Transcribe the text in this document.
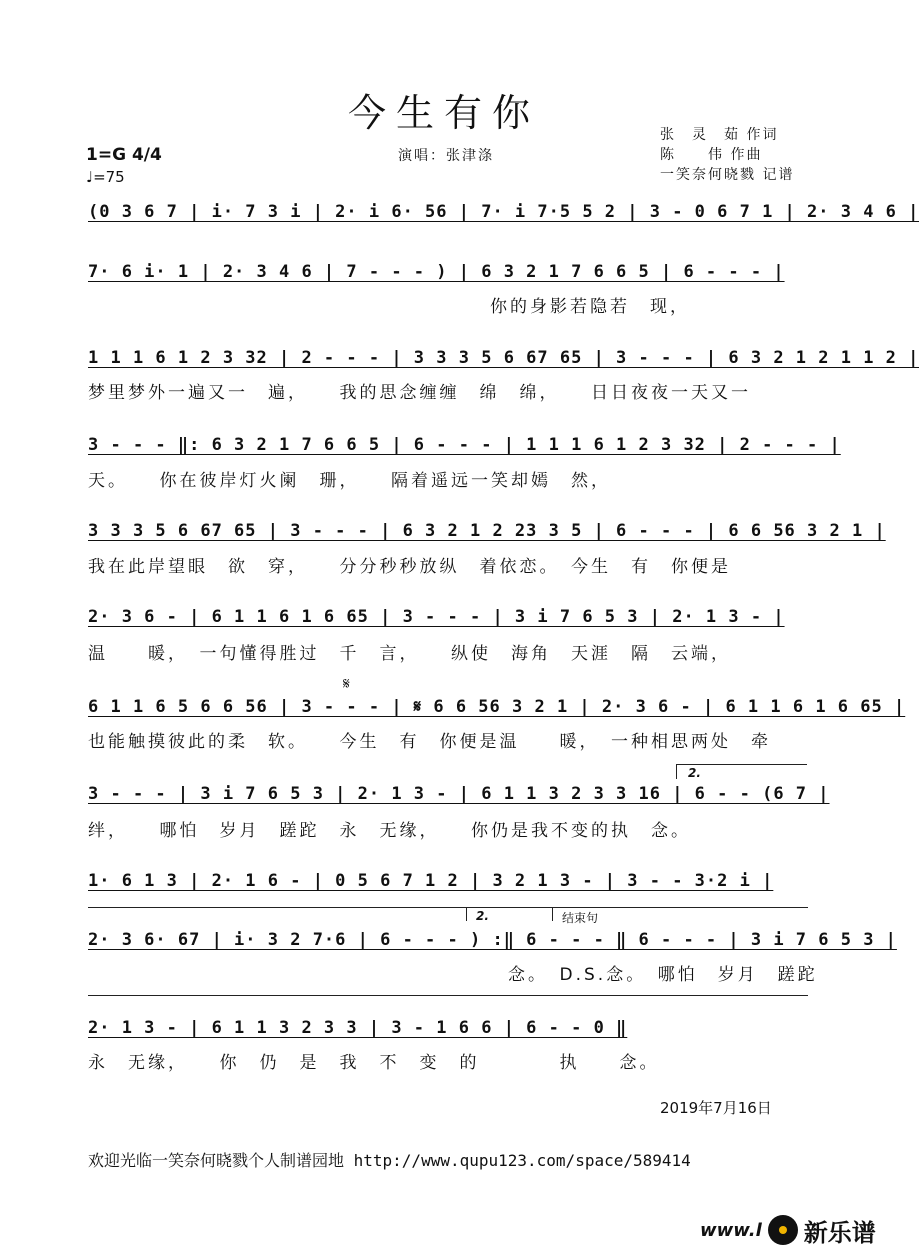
今生有你
1=G 4/4
♩=75
演唱：张津涤
张　灵　茹 作词
陈　　伟 作曲
一笑奈何晓戮 记谱
(0 3 6 7 | i· 7 3 i | 2· i 6· 56 | 7· i 7·5 5 2 | 3 - 0 6 7 1 | 2· 3 4 6 |
7· 6 i· 1 | 2· 3 4 6 | 7 - - - ) | 6 3 2 1 7 6 6 5 | 6 - - - |
你的身影若隐若　现，
1 1 1 6 1 2 3 32 | 2 - - - | 3 3 3 5 6 67 65 | 3 - - - | 6 3 2 1 2 1 1 2 |
梦里梦外一遍又一　遍，　　我的思念缠缠　绵　绵，　　日日夜夜一天又一
3 - - - ‖: 6 3 2 1 7 6 6 5 | 6 - - - | 1 1 1 6 1 2 3 32 | 2 - - - |
天。　　你在彼岸灯火阑　珊，　　隔着遥远一笑却嫣　然，
3 3 3 5 6 67 65 | 3 - - - | 6 3 2 1 2 23 3 5 | 6 - - - | 6 6 56 3 2 1 |
我在此岸望眼　欲　穿，　　分分秒秒放纵　着依恋。　今生　有　你便是
2· 3 6 - | 6 1 1 6 1 6 65 | 3 - - - | 3 i 7 6 5 3 | 2· 1 3 - |
温　　暖，　一句懂得胜过　千　言，　　纵使　海角　天涯　隔　云端，
𝄋
6 1 1 6 5 6 6 56 | 3 - - - | 𝄋 6 6 56 3 2 1 | 2· 3 6 - | 6 1 1 6 1 6 65 |
也能触摸彼此的柔　软。　　今生　有　你便是温　　暖，　一种相思两处　牵
2.
3 - - - | 3 i 7 6 5 3 | 2· 1 3 - | 6 1 1 3 2 3 3 16 | 6 - - (6 7 |
绊，　　哪怕　岁月　蹉跎　永　无缘，　　你仍是我不变的执　念。
1· 6 1 3 | 2· 1 6 - | 0 5 6 7 1 2 | 3 2 1 3 - | 3 - - 3·2 i |
2.	结束句
2· 3 6· 67 | i· 3 2 7·6 | 6 - - - ) :‖ 6 - - - ‖ 6 - - - | 3 i 7 6 5 3 |
　　　　　　　　　　　　　　　　　　　　　念。　D.S.念。　哪怕　岁月　蹉跎
2· 1 3 - | 6 1 1 3 2 3 3 | 3 - 1 6 6 | 6 - - 0 ‖
永　无缘，　　你　仍　是　我　不　变　的　　　　执　　念。
2019年7月16日
欢迎光临一笑奈何晓戮个人制谱园地 http://www.qupu123.com/space/589414
www.l 新乐谱
